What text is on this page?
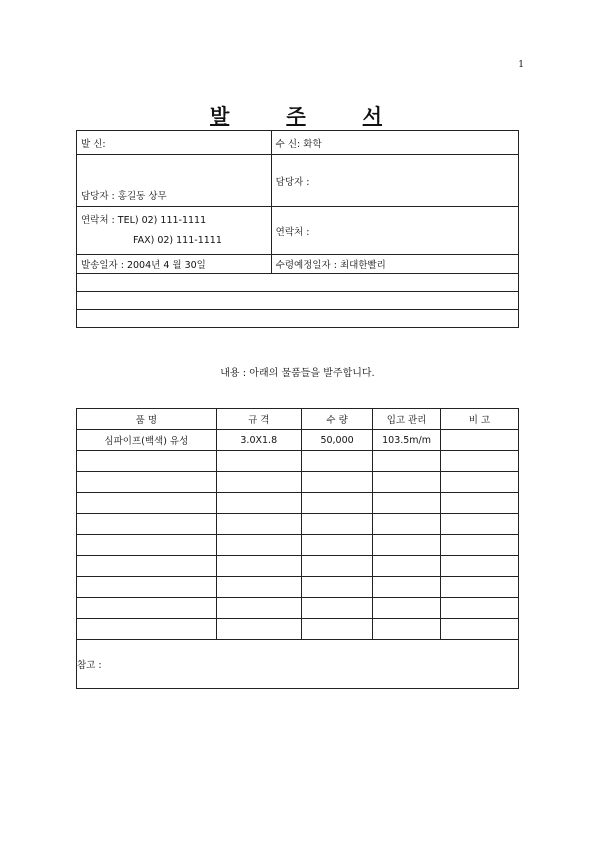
1
발	주	서
발 신:	수 신: 화학
담당자 : 홍길동 상무	담당자 :

연락처 : TEL) 02) 111-1111
FAX) 02) 111-1111	연락처 :
발송일자 : 2004년 4 월 30일	수령예정일자 : 최대한빨리

내용 : 아래의 물품들을 발주합니다.
품 명	규 격	수 량	입고 관리	비 고
심파이프(백색) 유성	3.0X1.8	50,000	103.5m/m	

참고 :				
